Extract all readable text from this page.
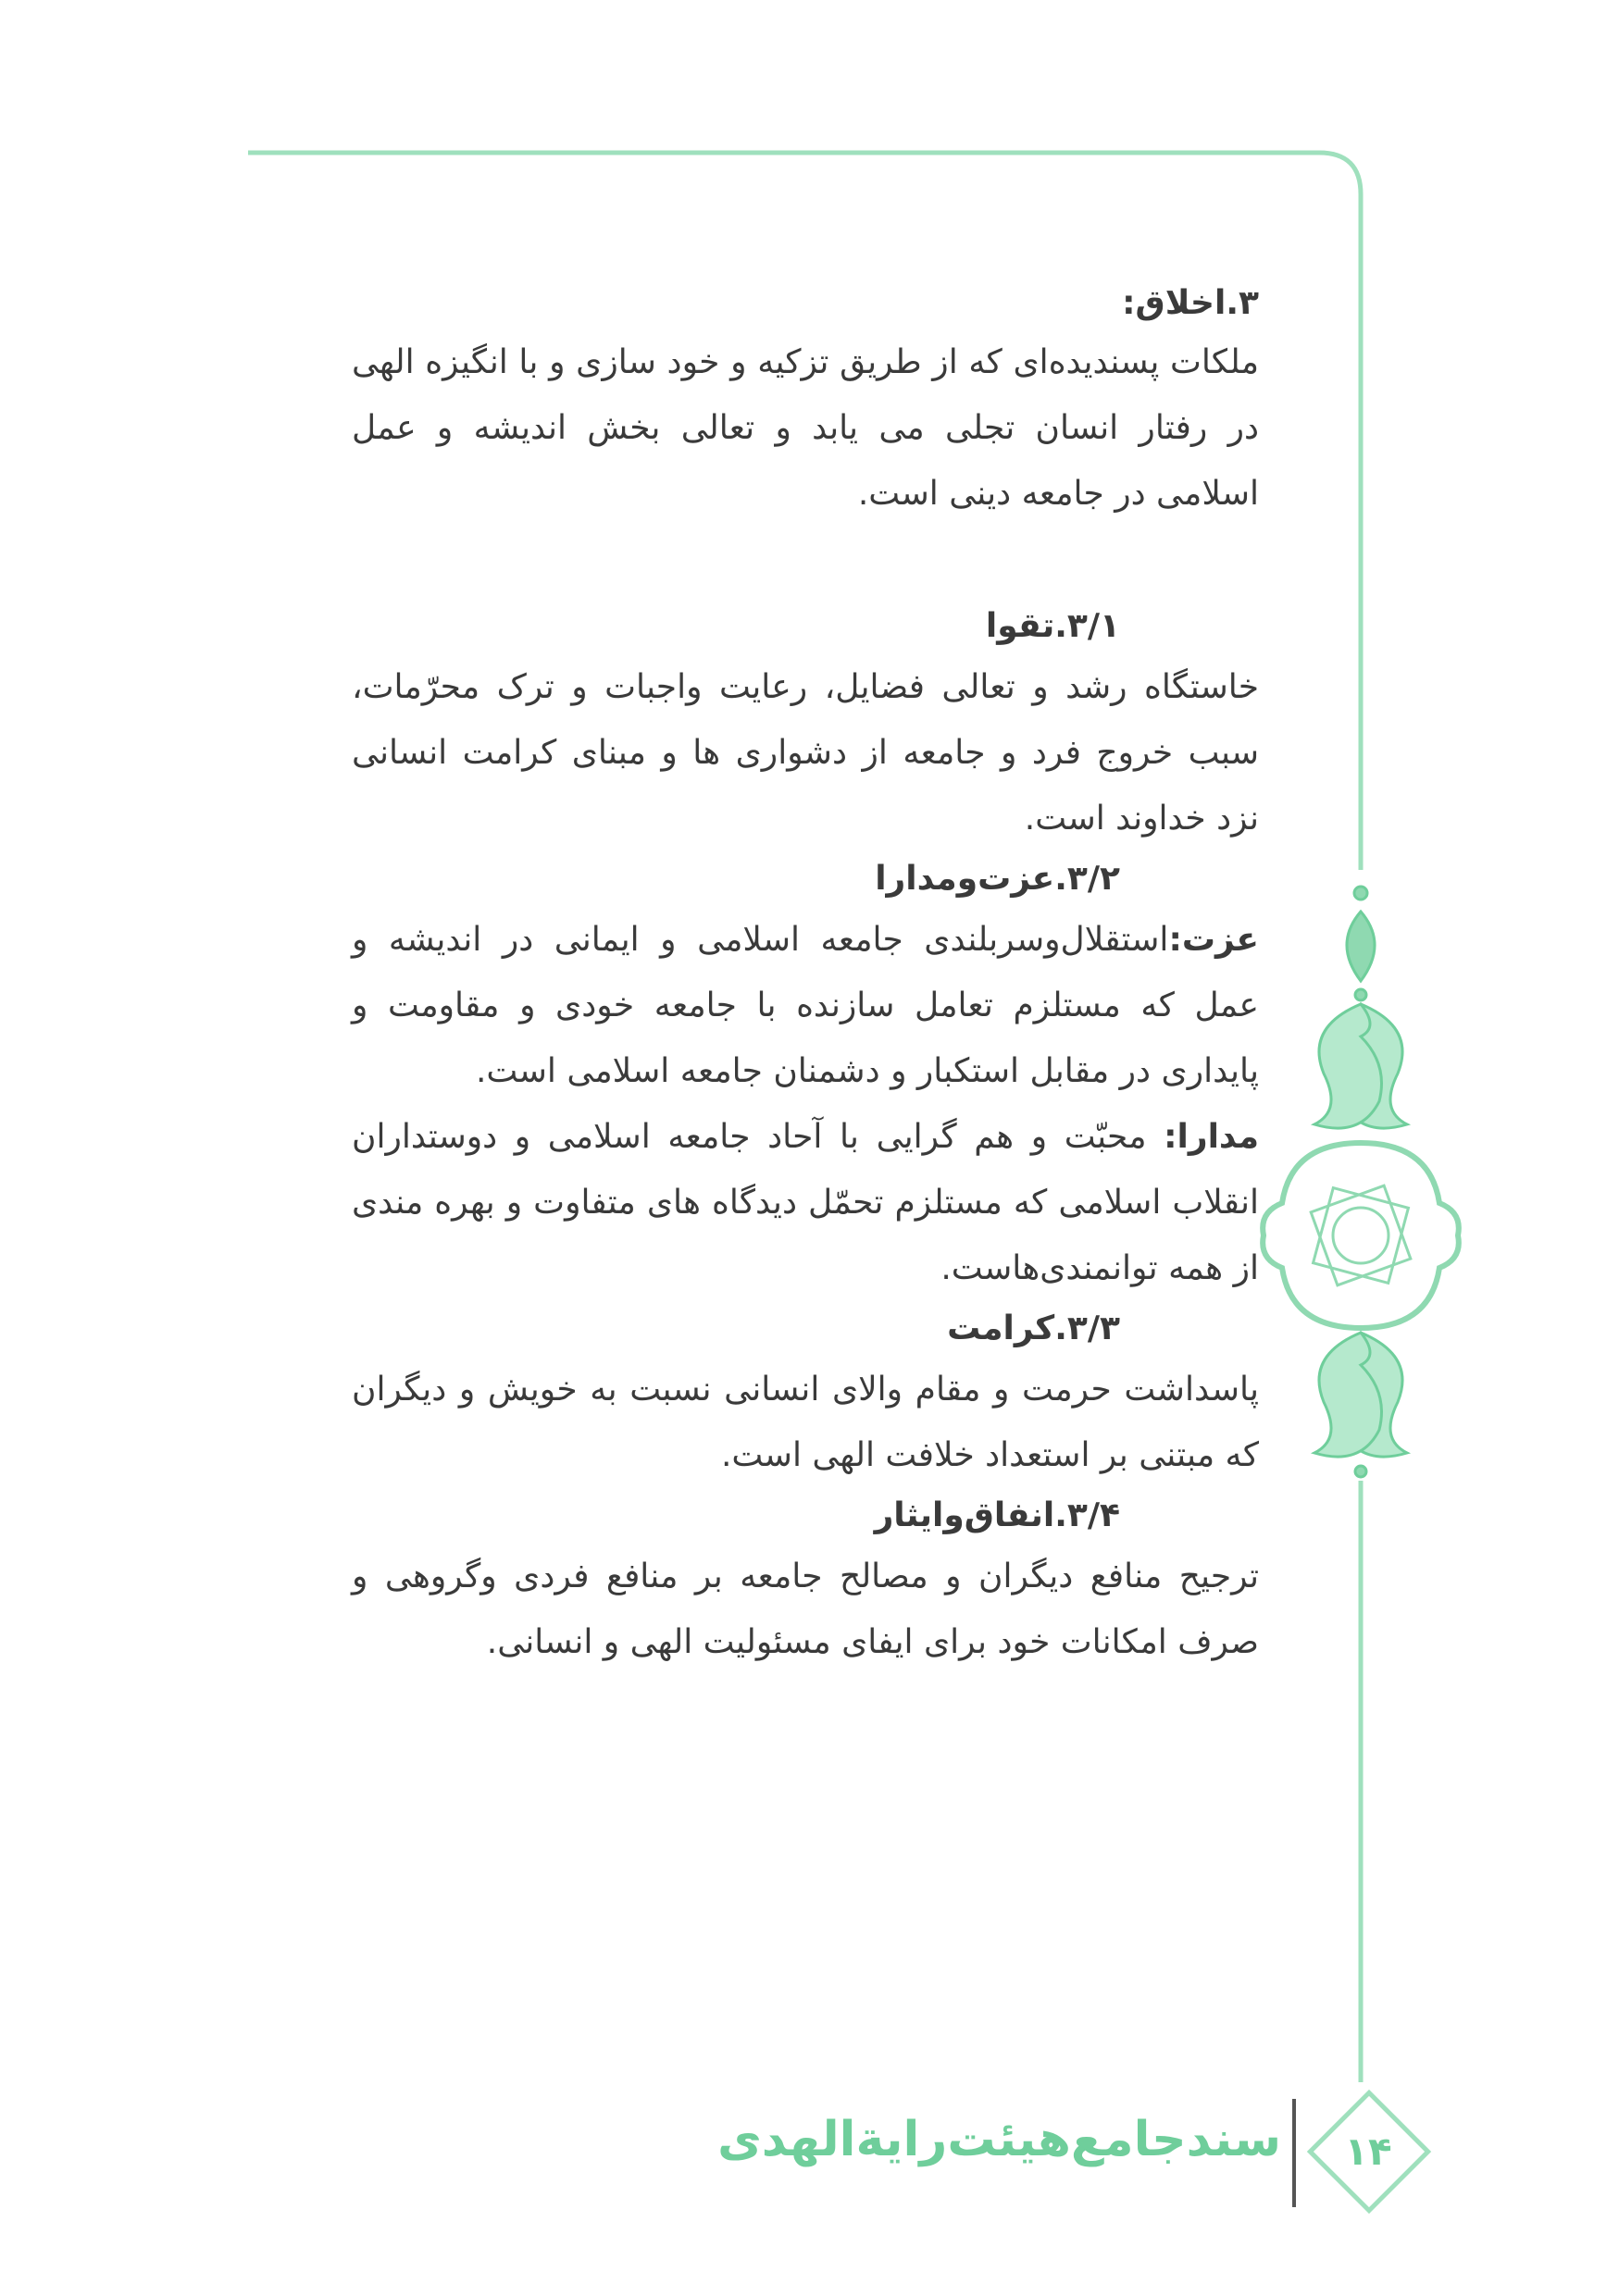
۳.اخلاق:

ملکات پسندیده‌ای که از طریق تزکیه و خود سازی و با انگیزه الهی در رفتار انسان تجلی می یابد و تعالی بخش اندیشه و عمل اسلامی در جامعه دینی است.

۳/۱.تقوا

خاستگاه رشد و تعالی فضایل، رعایت واجبات و ترک محرّمات، سبب خروج فرد و جامعه از دشواری ها و مبنای کرامت انسانی نزد خداوند است.

۳/۲.عزت‌ومدارا

عزت:استقلال‌وسربلندی جامعه اسلامی و ایمانی در اندیشه و عمل که مستلزم تعامل سازنده با جامعه خودی و مقاومت و پایداری در مقابل استکبار و دشمنان جامعه اسلامی است.

مدارا: محبّت و هم گرایی با آحاد جامعه اسلامی و دوستداران انقلاب اسلامی که مستلزم تحمّل دیدگاه های متفاوت و بهره مندی از همه توانمندی‌هاست.

۳/۳.کرامت

پاسداشت حرمت و مقام والای انسانی نسبت به خویش و دیگران که مبتنی بر استعداد خلافت الهی است.

۳/۴.انفاق‌وایثار

ترجیح منافع دیگران و مصالح جامعه بر منافع فردی وگروهی و صرف امکانات خود برای ایفای مسئولیت الهی و انسانی.

سندجامع‌هیئت‌رایة‌الهدی	۱۴
